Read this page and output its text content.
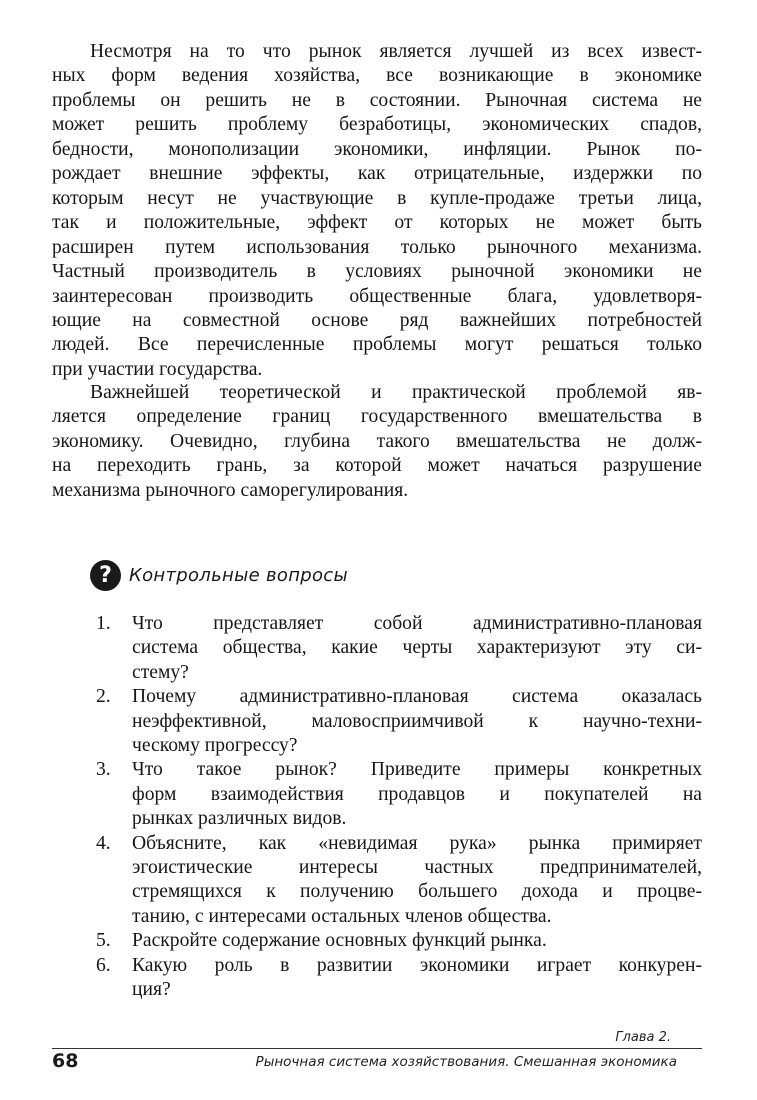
Несмотря на то что рынок является лучшей из всех извест-
ных форм ведения хозяйства, все возникающие в экономике
проблемы он решить не в состоянии. Рыночная система не
может решить проблему безработицы, экономических спадов,
бедности, монополизации экономики, инфляции. Рынок по-
рождает внешние эффекты, как отрицательные, издержки по
которым несут не участвующие в купле-продаже третьи лица,
так и положительные, эффект от которых не может быть
расширен путем использования только рыночного механизма.
Частный производитель в условиях рыночной экономики не
заинтересован производить общественные блага, удовлетворя-
ющие на совместной основе ряд важнейших потребностей
людей. Все перечисленные проблемы могут решаться только
при участии государства.

Важнейшей теоретической и практической проблемой яв-
ляется определение границ государственного вмешательства в
экономику. Очевидно, глубина такого вмешательства не долж-
на переходить грань, за которой может начаться разрушение
механизма рыночного саморегулирования.

? Контрольные вопросы
1.	Что представляет собой административно-плановая
система общества, какие черты характеризуют эту си-
стему?
2.	Почему административно-плановая система оказалась
неэффективной, маловосприимчивой к научно-техни-
ческому прогрессу?
3.	Что такое рынок? Приведите примеры конкретных
форм взаимодействия продавцов и покупателей на
рынках различных видов.
4.	Объясните, как «невидимая рука» рынка примиряет
эгоистические интересы частных предпринимателей,
стремящихся к получению большего дохода и процве-
танию, с интересами остальных членов общества.
5.	Раскройте содержание основных функций рынка.
6.	Какую роль в развитии экономики играет конкурен-
ция?
Глава 2.
68	Рыночная система хозяйствования. Смешанная экономика
